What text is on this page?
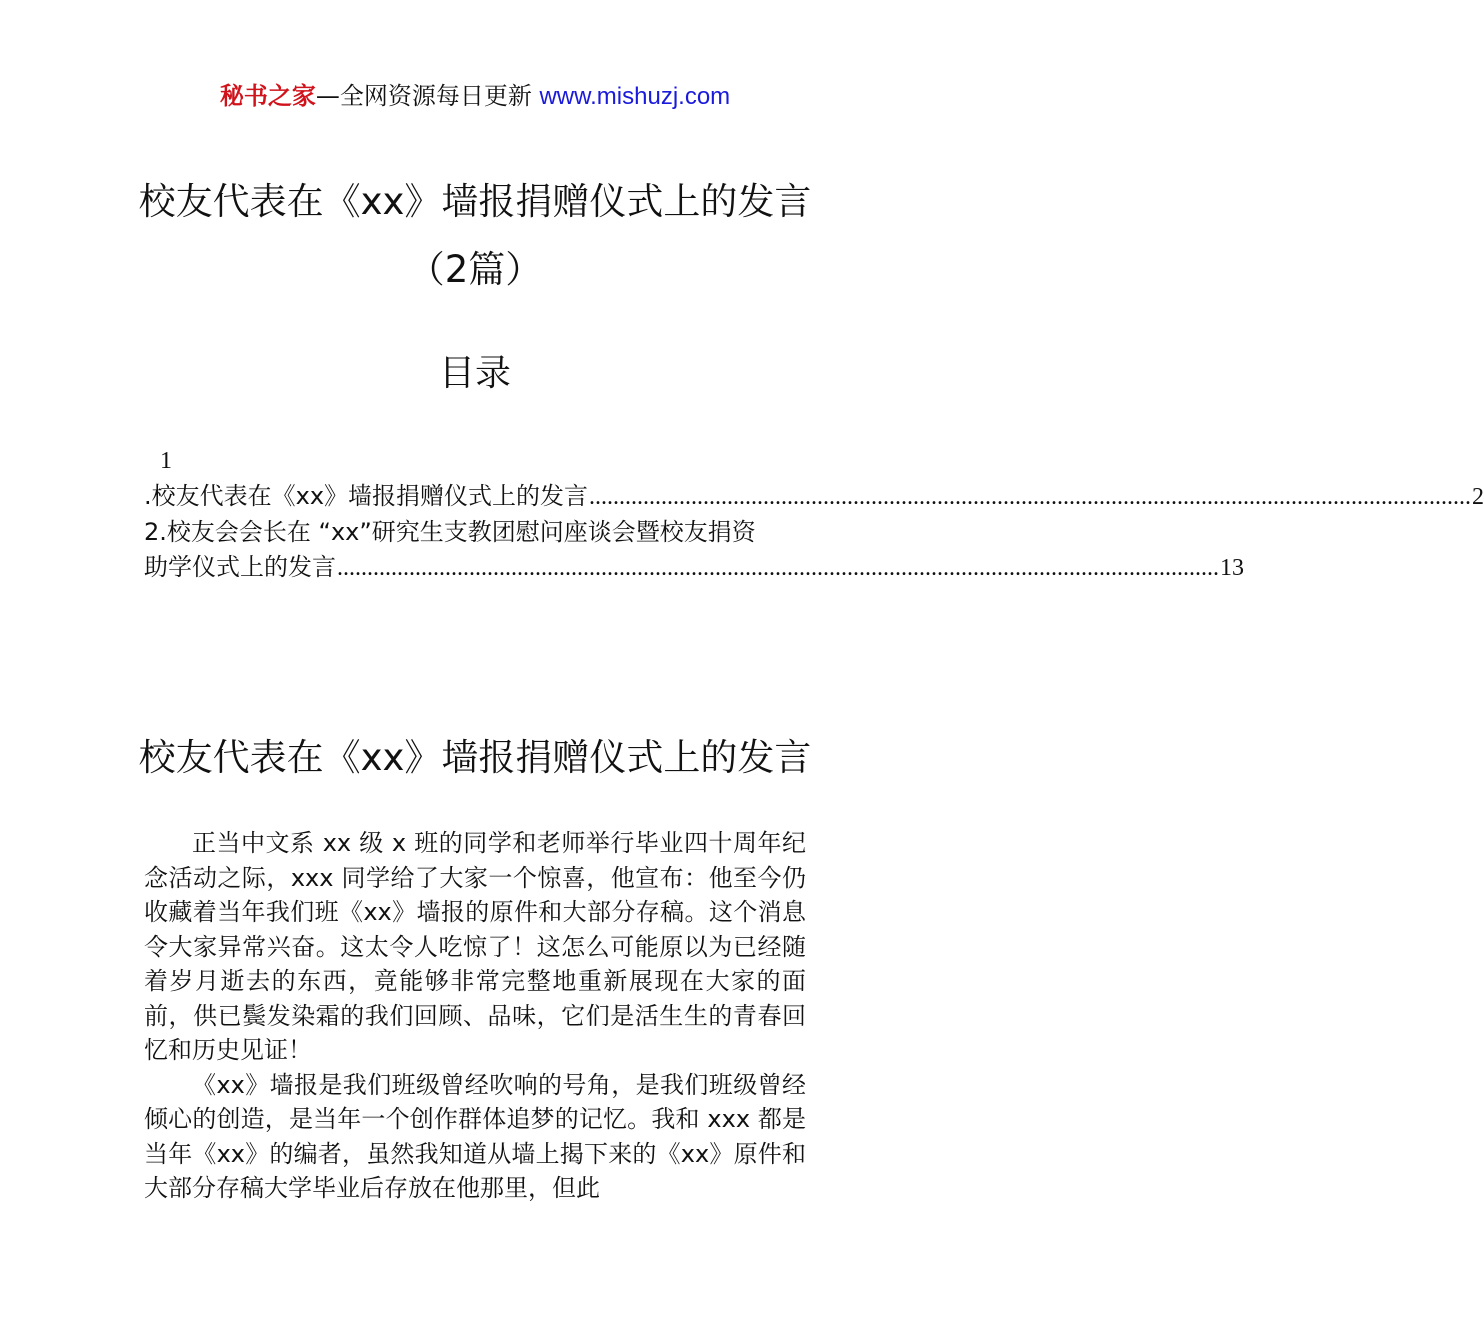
秘书之家—全网资源每日更新 www.mishuzj.com
校友代表在《xx》墙报捐赠仪式上的发言
（2篇）
目录
1
.校友代表在《xx》墙报捐赠仪式上的发言 ................................................................................................................................................... 2
2.校友会会长在 “xx”研究生支教团慰问座谈会暨校友捐资
助学仪式上的发言 ................................................................................................................................................... 13
校友代表在《xx》墙报捐赠仪式上的发言

正当中文系 xx 级 x 班的同学和老师举行毕业四十周年纪念活动之际，xxx 同学给了大家一个惊喜，他宣布：他至今仍收藏着当年我们班《xx》墙报的原件和大部分存稿。这个消息令大家异常兴奋。这太令人吃惊了！这怎么可能原以为已经随着岁月逝去的东西，竟能够非常完整地重新展现在大家的面前，供已鬓发染霜的我们回顾、品味，它们是活生生的青春回忆和历史见证！

《xx》墙报是我们班级曾经吹响的号角，是我们班级曾经倾心的创造，是当年一个创作群体追梦的记忆。我和 xxx 都是当年《xx》的编者，虽然我知道从墙上揭下来的《xx》原件和大部分存稿大学毕业后存放在他那里，但此
